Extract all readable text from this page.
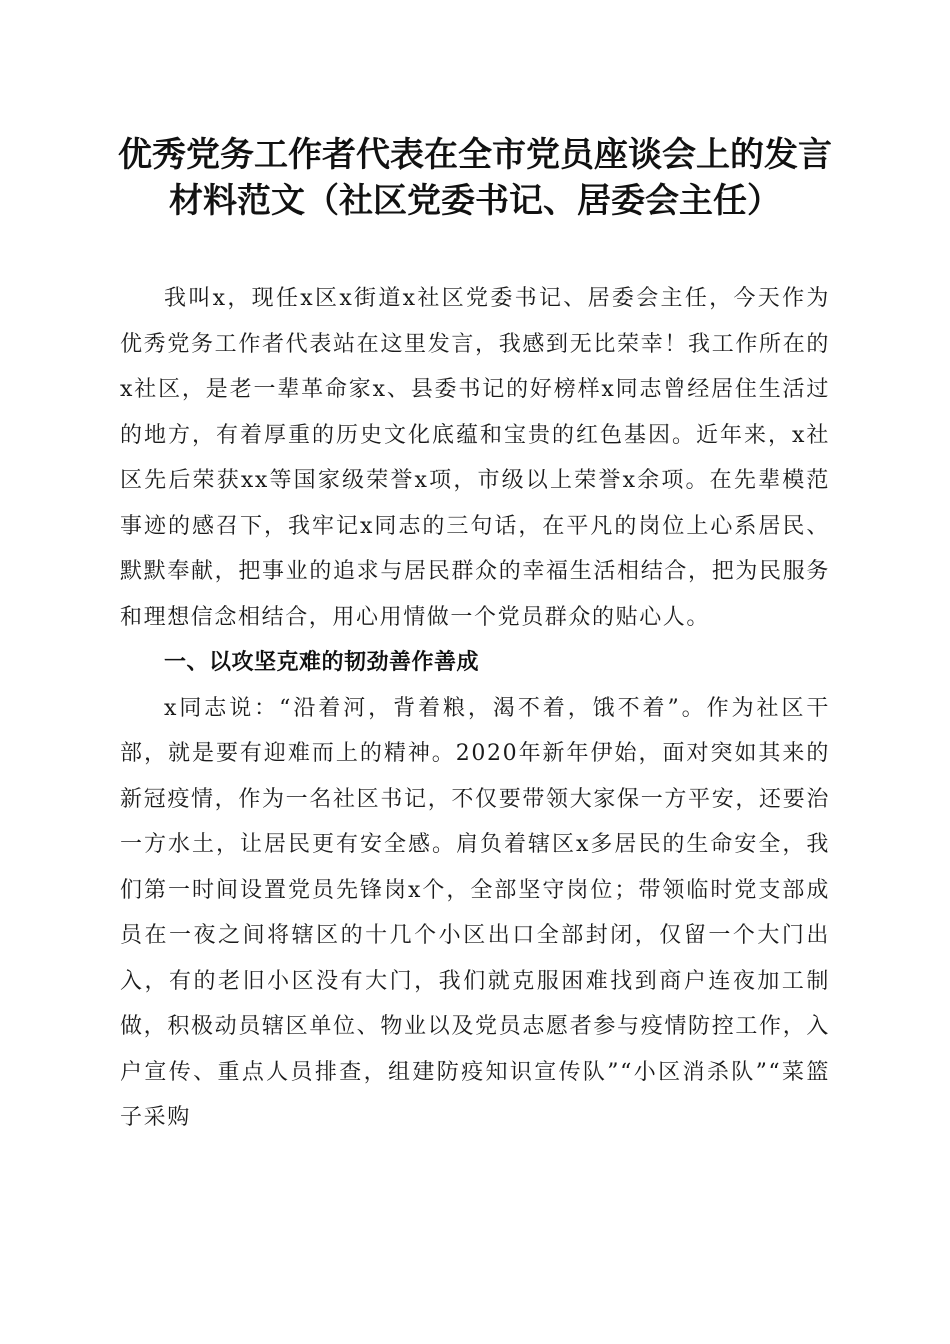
优秀党务工作者代表在全市党员座谈会上的发言材料范文（社区党委书记、居委会主任）

我叫x，现任x区x街道x社区党委书记、居委会主任，今天作为优秀党务工作者代表站在这里发言，我感到无比荣幸！我工作所在的x社区，是老一辈革命家x、县委书记的好榜样x同志曾经居住生活过的地方，有着厚重的历史文化底蕴和宝贵的红色基因。近年来，x社区先后荣获xx等国家级荣誉x项，市级以上荣誉x余项。在先辈模范事迹的感召下，我牢记x同志的三句话，在平凡的岗位上心系居民、默默奉献，把事业的追求与居民群众的幸福生活相结合，把为民服务和理想信念相结合，用心用情做一个党员群众的贴心人。

一、以攻坚克难的韧劲善作善成

x同志说：“沿着河，背着粮，渴不着，饿不着”。作为社区干部，就是要有迎难而上的精神。2020年新年伊始，面对突如其来的新冠疫情，作为一名社区书记，不仅要带领大家保一方平安，还要治一方水土，让居民更有安全感。肩负着辖区x多居民的生命安全，我们第一时间设置党员先锋岗x个，全部坚守岗位；带领临时党支部成员在一夜之间将辖区的十几个小区出口全部封闭，仅留一个大门出入，有的老旧小区没有大门，我们就克服困难找到商户连夜加工制做，积极动员辖区单位、物业以及党员志愿者参与疫情防控工作，入户宣传、重点人员排查，组建防疫知识宣传队”“小区消杀队”“菜篮子采购
